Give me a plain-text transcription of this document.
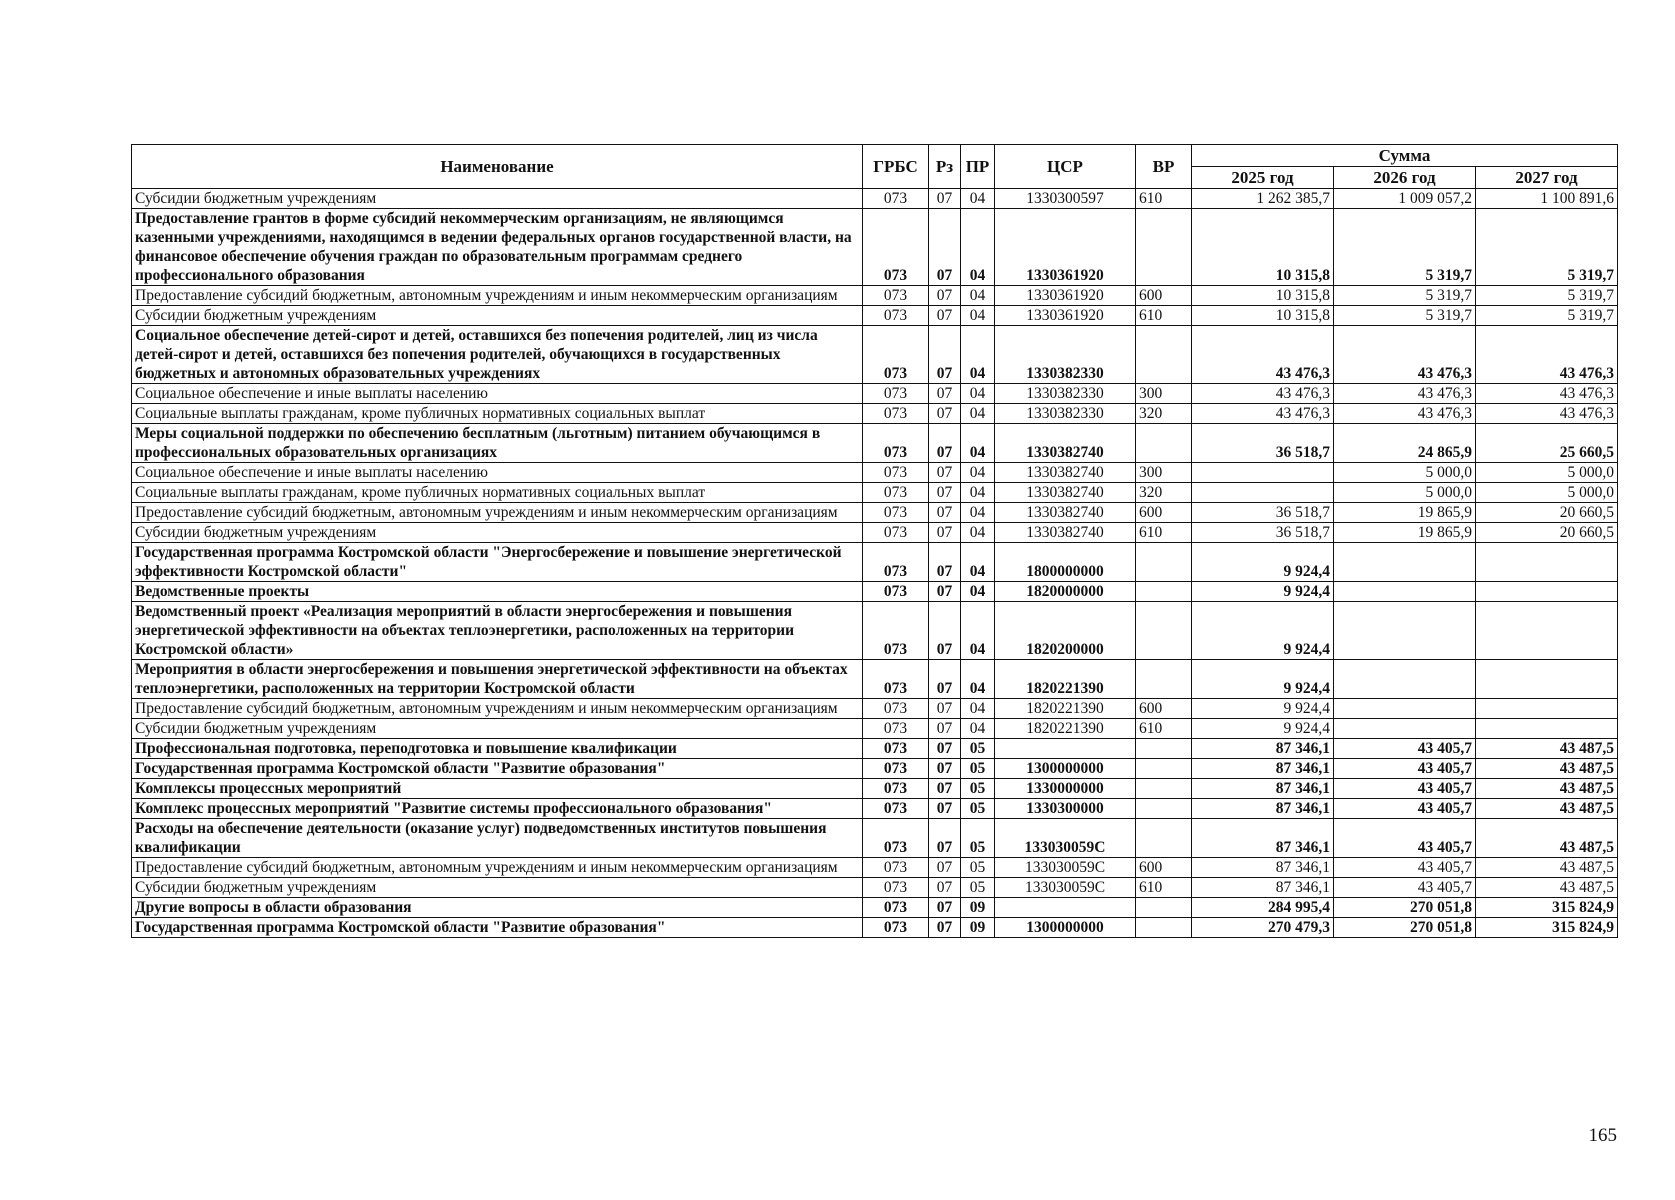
Наименование	ГРБС	Рз	ПР	ЦСР	ВР	Сумма		
						2025 год	2026 год	2027 год
Субсидии бюджетным учреждениям	073	07	04	1330300597	610	1 262 385,7	1 009 057,2	1 100 891,6
Предоставление грантов в форме субсидий некоммерческим организациям, не являющимся казенными учреждениями, находящимся в ведении федеральных органов государственной власти, на финансовое обеспечение обучения граждан по образовательным программам среднего профессионального образования	073	07	04	1330361920		10 315,8	5 319,7	5 319,7
Предоставление субсидий бюджетным, автономным учреждениям и иным некоммерческим организациям	073	07	04	1330361920	600	10 315,8	5 319,7	5 319,7
Субсидии бюджетным учреждениям	073	07	04	1330361920	610	10 315,8	5 319,7	5 319,7
Социальное обеспечение детей-сирот и детей, оставшихся без попечения родителей, лиц из числа детей-сирот и детей, оставшихся без попечения родителей, обучающихся в государственных бюджетных и автономных образовательных учреждениях	073	07	04	1330382330		43 476,3	43 476,3	43 476,3
Социальное обеспечение и иные выплаты населению	073	07	04	1330382330	300	43 476,3	43 476,3	43 476,3
Социальные выплаты гражданам, кроме публичных нормативных социальных выплат	073	07	04	1330382330	320	43 476,3	43 476,3	43 476,3
Меры социальной поддержки по обеспечению бесплатным (льготным) питанием обучающимся в профессиональных образовательных организациях	073	07	04	1330382740		36 518,7	24 865,9	25 660,5
Социальное обеспечение и иные выплаты населению	073	07	04	1330382740	300		5 000,0	5 000,0
Социальные выплаты гражданам, кроме публичных нормативных социальных выплат	073	07	04	1330382740	320		5 000,0	5 000,0
Предоставление субсидий бюджетным, автономным учреждениям и иным некоммерческим организациям	073	07	04	1330382740	600	36 518,7	19 865,9	20 660,5
Субсидии бюджетным учреждениям	073	07	04	1330382740	610	36 518,7	19 865,9	20 660,5
Государственная программа Костромской области "Энергосбережение и повышение энергетической эффективности Костромской области"	073	07	04	1800000000		9 924,4		
Ведомственные проекты	073	07	04	1820000000		9 924,4		
Ведомственный проект «Реализация мероприятий в области энергосбережения и повышения энергетической эффективности на объектах теплоэнергетики, расположенных на территории Костромской области»	073	07	04	1820200000		9 924,4		
Мероприятия в области энергосбережения и повышения энергетической эффективности на объектах теплоэнергетики, расположенных на территории Костромской области	073	07	04	1820221390		9 924,4		
Предоставление субсидий бюджетным, автономным учреждениям и иным некоммерческим организациям	073	07	04	1820221390	600	9 924,4		
Субсидии бюджетным учреждениям	073	07	04	1820221390	610	9 924,4		
Профессиональная подготовка, переподготовка и повышение квалификации	073	07	05			87 346,1	43 405,7	43 487,5
Государственная программа Костромской области "Развитие образования"	073	07	05	1300000000		87 346,1	43 405,7	43 487,5
Комплексы процессных мероприятий	073	07	05	1330000000		87 346,1	43 405,7	43 487,5
Комплекс процессных мероприятий "Развитие системы профессионального образования"	073	07	05	1330300000		87 346,1	43 405,7	43 487,5
Расходы на обеспечение деятельности (оказание услуг) подведомственных институтов повышения квалификации	073	07	05	133030059С		87 346,1	43 405,7	43 487,5
Предоставление субсидий бюджетным, автономным учреждениям и иным некоммерческим организациям	073	07	05	133030059С	600	87 346,1	43 405,7	43 487,5
Субсидии бюджетным учреждениям	073	07	05	133030059С	610	87 346,1	43 405,7	43 487,5
Другие вопросы в области образования	073	07	09			284 995,4	270 051,8	315 824,9
Государственная программа Костромской области "Развитие образования"	073	07	09	1300000000		270 479,3	270 051,8	315 824,9
165
